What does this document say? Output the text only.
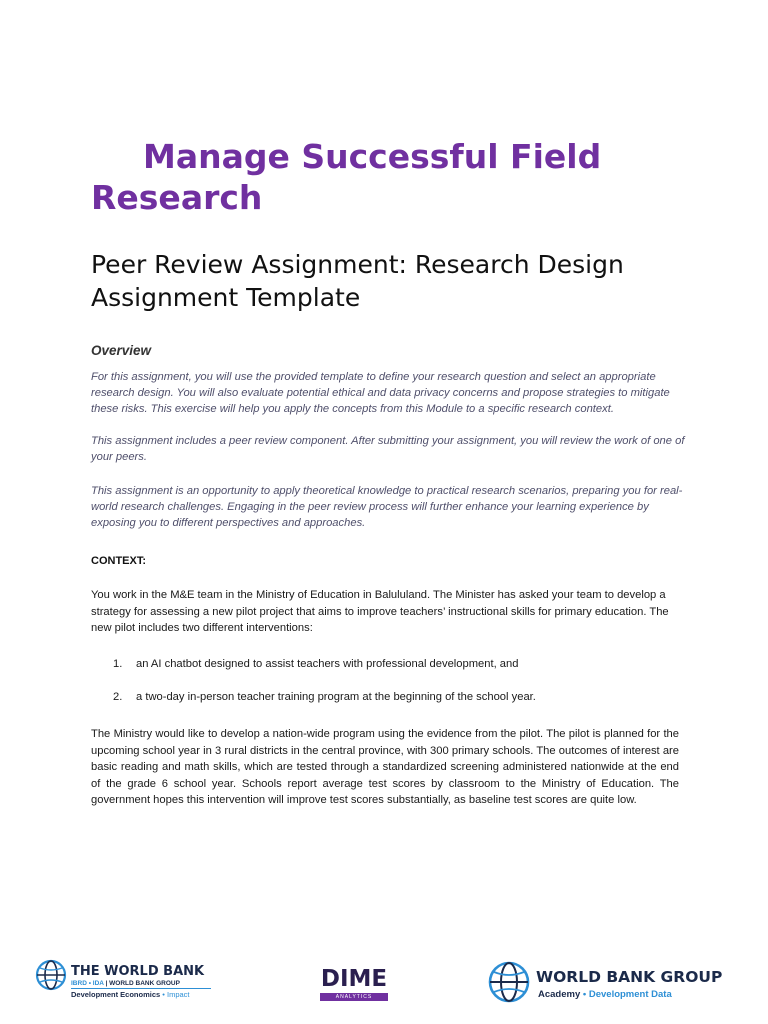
Manage Successful Field Research
Peer Review Assignment: Research Design Assignment Template
Overview

For this assignment, you will use the provided template to define your research question and select an appropriate research design. You will also evaluate potential ethical and data privacy concerns and propose strategies to mitigate these risks. This exercise will help you apply the concepts from this Module to a specific research context.

This assignment includes a peer review component. After submitting your assignment, you will review the work of one of your peers.

This assignment is an opportunity to apply theoretical knowledge to practical research scenarios, preparing you for real-world research challenges. Engaging in the peer review process will further enhance your learning experience by exposing you to different perspectives and approaches.

CONTEXT:

You work in the M&E team in the Ministry of Education in Balululand. The Minister has asked your team to develop a strategy for assessing a new pilot project that aims to improve teachers’ instructional skills for primary education. The new pilot includes two different interventions:

1. an AI chatbot designed to assist teachers with professional development, and

2. a two-day in-person teacher training program at the beginning of the school year.

The Ministry would like to develop a nation-wide program using the evidence from the pilot. The pilot is planned for the upcoming school year in 3 rural districts in the central province, with 300 primary schools. The outcomes of interest are basic reading and math skills, which are tested through a standardized screening administered nationwide at the end of the grade 6 school year. Schools report average test scores by classroom to the Ministry of Education. The government hopes this intervention will improve test scores substantially, as baseline test scores are quite low.

THE WORLD BANK
IBRD • IDA | WORLD BANK GROUP
Development Economics • Impact
DIME
ANALYTICS
WORLD BANK GROUP
Academy • Development Data
